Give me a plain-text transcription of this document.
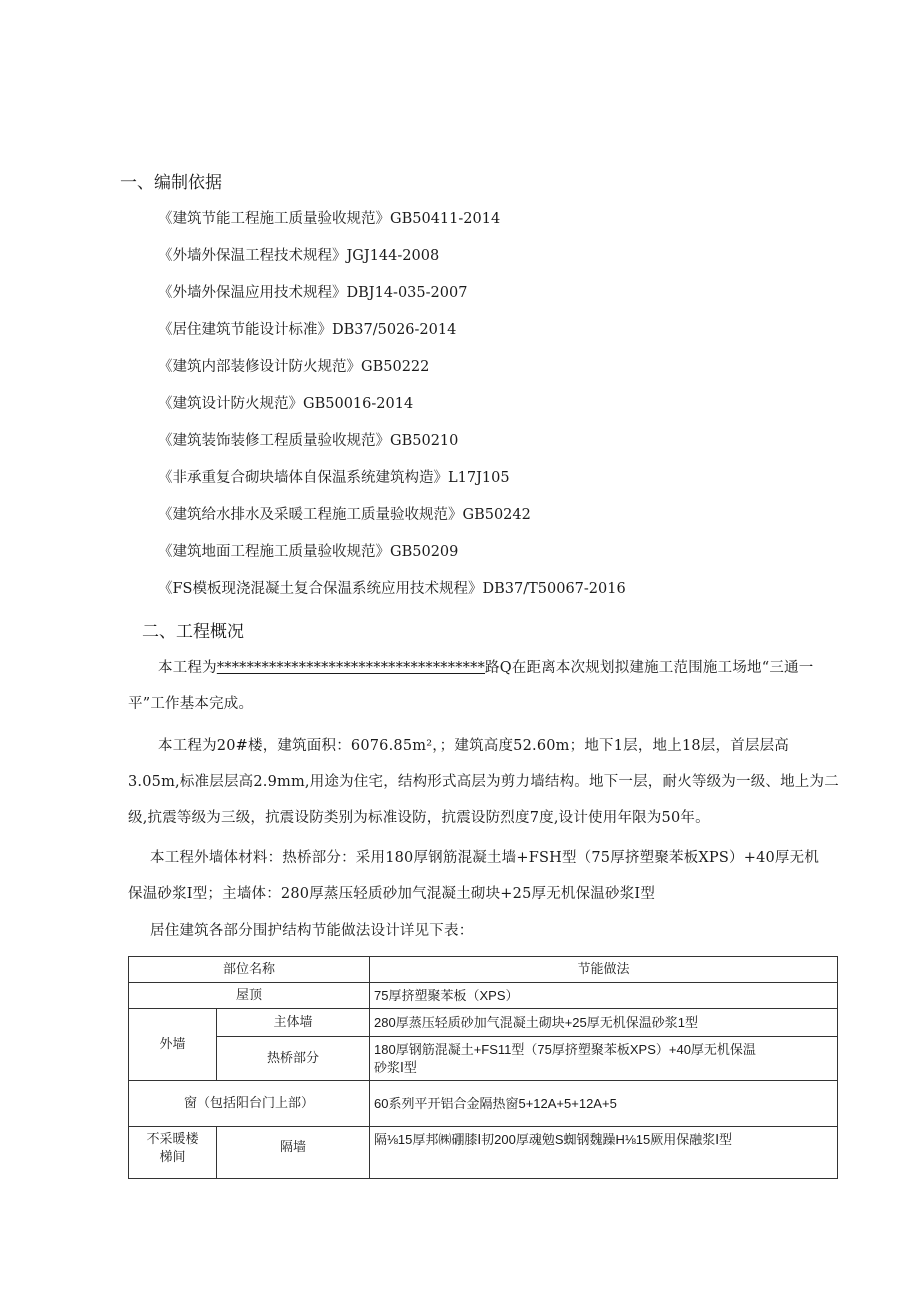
一、编制依据
《建筑节能工程施工质量验收规范》GB50411-2014
《外墙外保温工程技术规程》JGJ144-2008
《外墙外保温应用技术规程》DBJ14-035-2007
《居住建筑节能设计标准》DB37/5026-2014
《建筑内部装修设计防火规范》GB50222
《建筑设计防火规范》GB50016-2014
《建筑装饰装修工程质量验收规范》GB50210
《非承重复合砌块墙体自保温系统建筑构造》L17J105
《建筑给水排水及采暖工程施工质量验收规范》GB50242
《建筑地面工程施工质量验收规范》GB50209
《FS模板现浇混凝土复合保温系统应用技术规程》DB37/T50067-2016
二、工程概况
本工程为************************************路Q在距离本次规划拟建施工范围施工场地“三通一
平”工作基本完成。
本工程为20#楼，建筑面积：6076.85m²，；建筑高度52.60m；地下1层，地上18层，首层层高
3.05m,标准层层高2.9mm,用途为住宅，结构形式高层为剪力墙结构。地下一层，耐火等级为一级、地上为二
级,抗震等级为三级，抗震设防类别为标准设防，抗震设防烈度7度,设计使用年限为50年。
本工程外墙体材料：热桥部分：采用180厚钢筋混凝土墙+FSH型（75厚挤塑聚苯板XPS）+40厚无机
保温砂浆Ⅰ型；主墙体：280厚蒸压轻质砂加气混凝土砌块+25厚无机保温砂浆Ⅰ型
居住建筑各部分围护结构节能做法设计详见下表：
部位名称		节能做法
屋顶		75厚挤塑聚苯板（XPS）
外墙	主体墙	280厚蒸压轻质砂加气混凝土砌块+25厚无机保温砂浆1型
	热桥部分	180厚钢筋混凝土+FS11型（75厚挤塑聚苯板XPS）+40厚无机保温
砂浆Ⅰ型

窗（包括阳台门上部）		60系列平开铝合金隔热窗5+12A+5+12A+5

不采暖楼
梯间	隔墙	隔⅛15厚邦㈱硼膝Ⅰ㓞200厚魂勉S蜘钢魏躁H⅛15厥用保融浆Ⅰ型
